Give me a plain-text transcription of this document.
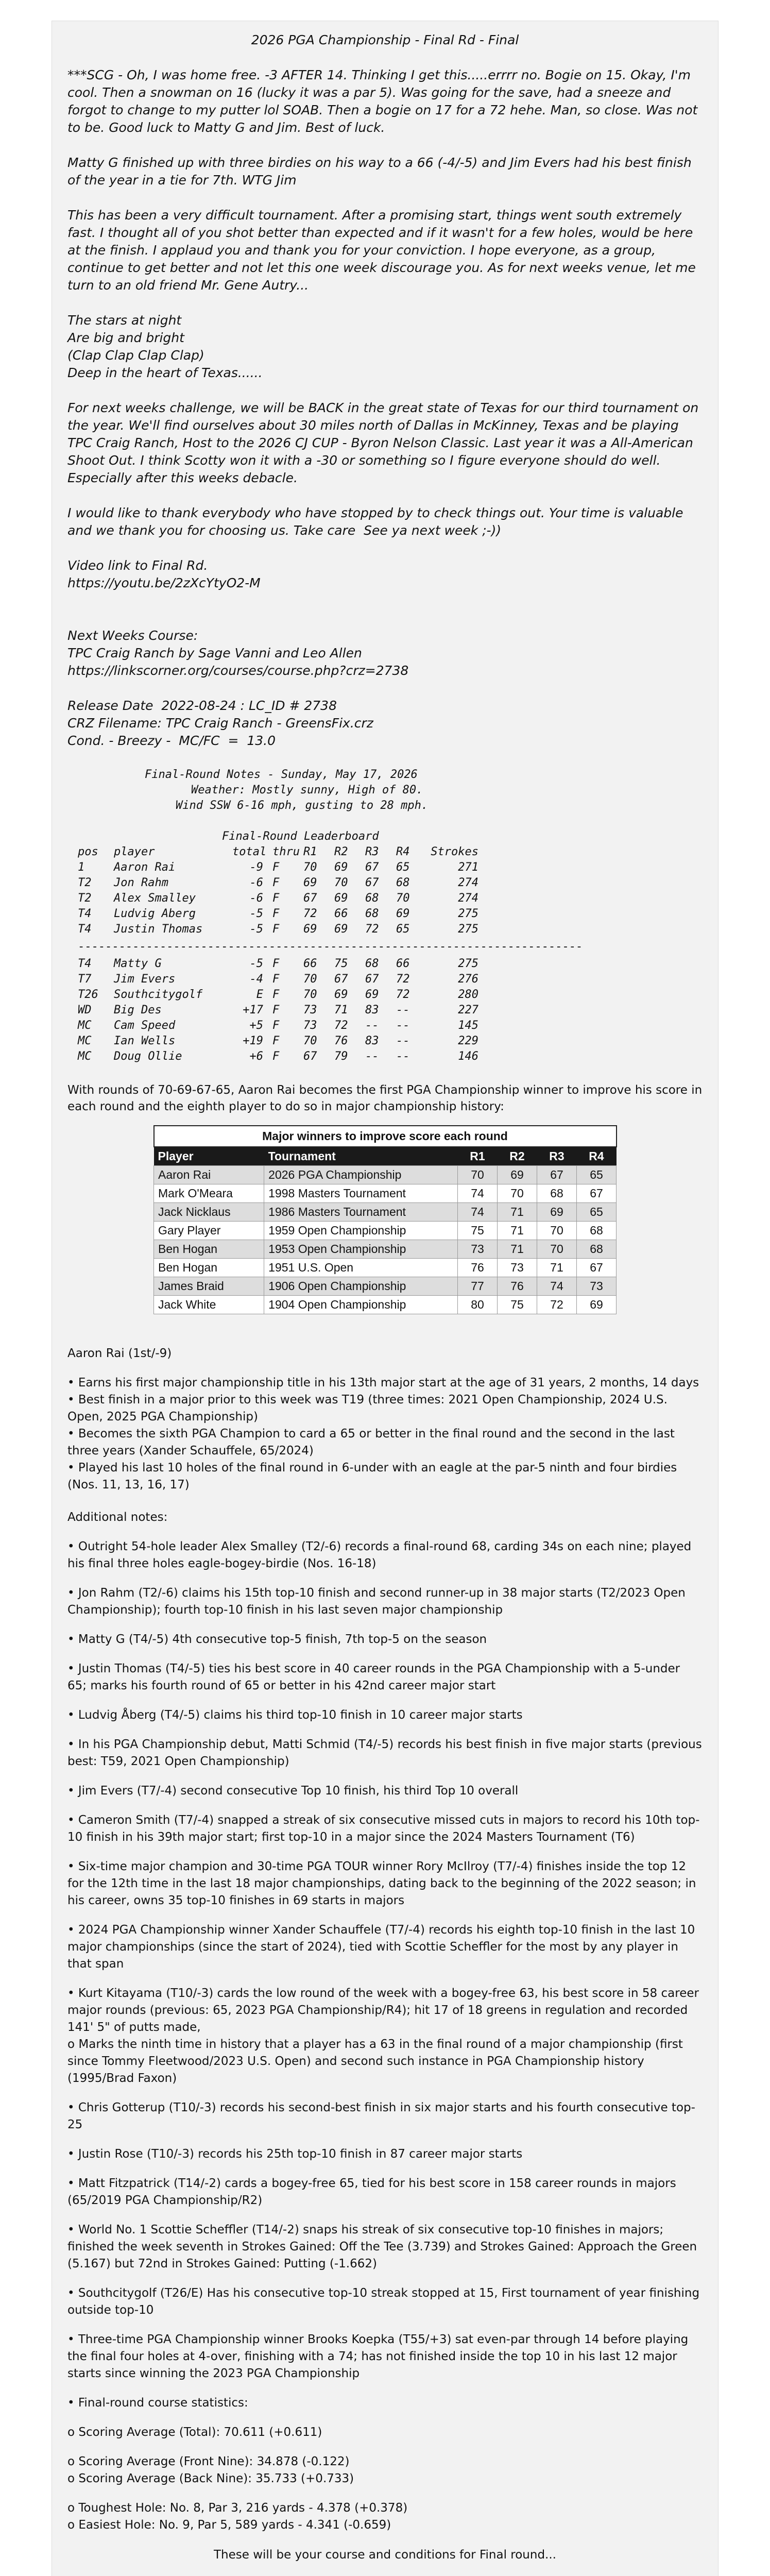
2026 PGA Championship - Final Rd - Final

***SCG - Oh, I was home free. -3 AFTER 14. Thinking I get this.....errrr no. Bogie on 15. Okay, I'm cool. Then a snowman on 16 (lucky it was a par 5). Was going for the save, had a sneeze and forgot to change to my putter lol SOAB. Then a bogie on 17 for a 72 hehe. Man, so close. Was not to be. Good luck to Matty G and Jim. Best of luck.

Matty G finished up with three birdies on his way to a 66 (-4/-5) and Jim Evers had his best finish of the year in a tie for 7th. WTG Jim

This has been a very difficult tournament. After a promising start, things went south extremely fast. I thought all of you shot better than expected and if it wasn't for a few holes, would be here at the finish. I applaud you and thank you for your conviction. I hope everyone, as a group, continue to get better and not let this one week discourage you. As for next weeks venue, let me turn to an old friend Mr. Gene Autry...

The stars at night

Are big and bright

(Clap Clap Clap Clap)

Deep in the heart of Texas......

For next weeks challenge, we will be BACK in the great state of Texas for our third tournament on the year. We'll find ourselves about 30 miles north of Dallas in McKinney, Texas and be playing TPC Craig Ranch, Host to the 2026 CJ CUP - Byron Nelson Classic. Last year it was a All-American Shoot Out. I think Scotty won it with a -30 or something so I figure everyone should do well. Especially after this weeks debacle.

I would like to thank everybody who have stopped by to check things out. Your time is valuable and we thank you for choosing us. Take care  See ya next week ;-))

Video link to Final Rd.

https://youtu.be/2zXcYtyO2-M

Next Weeks Course:

TPC Craig Ranch by Sage Vanni and Leo Allen

https://linkscorner.org/courses/course.php?crz=2738

Release Date  2022-08-24 : LC_ID # 2738

CRZ Filename: TPC Craig Ranch - GreensFix.crz

Cond. - Breezy -  MC/FC  =  13.0

Final-Round Notes - Sunday, May 17, 2026

Weather: Mostly sunny, High of 80.

Wind SSW 6-16 mph, gusting to 28 mph.

Final-Round Leaderboard

pos	player	total thru R1	R2	R3	R4	Strokes
1	Aaron Rai	-9 F	70	69	67	65	271
T2	Jon Rahm	-6 F	69	70	67	68	274
T2	Alex Smalley	-6 F	67	69	68	70	274
T4	Ludvig Aberg	-5 F	72	66	68	69	275
T4	Justin Thomas	-5 F	69	69	72	65	275
--------------------------------------------------------------------------
T4	Matty G	-5 F	66	75	68	66	275
T7	Jim Evers	-4 F	70	67	67	72	276
T26	Southcitygolf	E F	70	69	69	72	280
WD	Big Des	+17 F	73	71	83	--	227
MC	Cam Speed	+5 F	73	72	--	--	145
MC	Ian Wells	+19 F	70	76	83	--	229
MC	Doug Ollie	+6 F	67	79	--	--	146

With rounds of 70-69-67-65, Aaron Rai becomes the first PGA Championship winner to improve his score in each round and the eighth player to do so in major championship history:

Major winners to improve score each round					
Player	Tournament	R1	R2	R3	R4
Aaron Rai	2026 PGA Championship	70	69	67	65
Mark O'Meara	1998 Masters Tournament	74	70	68	67
Jack Nicklaus	1986 Masters Tournament	74	71	69	65
Gary Player	1959 Open Championship	75	71	70	68
Ben Hogan	1953 Open Championship	73	71	70	68
Ben Hogan	1951 U.S. Open	76	73	71	67
James Braid	1906 Open Championship	77	76	74	73
Jack White	1904 Open Championship	80	75	72	69

Aaron Rai (1st/-9)

• Earns his first major championship title in his 13th major start at the age of 31 years, 2 months, 14 days

• Best finish in a major prior to this week was T19 (three times: 2021 Open Championship, 2024 U.S. Open, 2025 PGA Championship)

• Becomes the sixth PGA Champion to card a 65 or better in the final round and the second in the last three years (Xander Schauffele, 65/2024)

• Played his last 10 holes of the final round in 6-under with an eagle at the par-5 ninth and four birdies (Nos. 11, 13, 16, 17)

Additional notes:

• Outright 54-hole leader Alex Smalley (T2/-6) records a final-round 68, carding 34s on each nine; played his final three holes eagle-bogey-birdie (Nos. 16-18)

• Jon Rahm (T2/-6) claims his 15th top-10 finish and second runner-up in 38 major starts (T2/2023 Open Championship); fourth top-10 finish in his last seven major championship

• Matty G (T4/-5) 4th consecutive top-5 finish, 7th top-5 on the season

• Justin Thomas (T4/-5) ties his best score in 40 career rounds in the PGA Championship with a 5-under 65; marks his fourth round of 65 or better in his 42nd career major start

• Ludvig Åberg (T4/-5) claims his third top-10 finish in 10 career major starts

• In his PGA Championship debut, Matti Schmid (T4/-5) records his best finish in five major starts (previous best: T59, 2021 Open Championship)

• Jim Evers (T7/-4) second consecutive Top 10 finish, his third Top 10 overall

• Cameron Smith (T7/-4) snapped a streak of six consecutive missed cuts in majors to record his 10th top-10 finish in his 39th major start; first top-10 in a major since the 2024 Masters Tournament (T6)

• Six-time major champion and 30-time PGA TOUR winner Rory McIlroy (T7/-4) finishes inside the top 12 for the 12th time in the last 18 major championships, dating back to the beginning of the 2022 season; in his career, owns 35 top-10 finishes in 69 starts in majors

• 2024 PGA Championship winner Xander Schauffele (T7/-4) records his eighth top-10 finish in the last 10 major championships (since the start of 2024), tied with Scottie Scheffler for the most by any player in that span

• Kurt Kitayama (T10/-3) cards the low round of the week with a bogey-free 63, his best score in 58 career major rounds (previous: 65, 2023 PGA Championship/R4); hit 17 of 18 greens in regulation and recorded 141' 5" of putts made,
o Marks the ninth time in history that a player has a 63 in the final round of a major championship (first since Tommy Fleetwood/2023 U.S. Open) and second such instance in PGA Championship history (1995/Brad Faxon)

• Chris Gotterup (T10/-3) records his second-best finish in six major starts and his fourth consecutive top-25

• Justin Rose (T10/-3) records his 25th top-10 finish in 87 career major starts

• Matt Fitzpatrick (T14/-2) cards a bogey-free 65, tied for his best score in 158 career rounds in majors (65/2019 PGA Championship/R2)

• World No. 1 Scottie Scheffler (T14/-2) snaps his streak of six consecutive top-10 finishes in majors; finished the week seventh in Strokes Gained: Off the Tee (3.739) and Strokes Gained: Approach the Green (5.167) but 72nd in Strokes Gained: Putting (-1.662)

• Southcitygolf (T26/E) Has his consecutive top-10 streak stopped at 15, First tournament of year finishing outside top-10

• Three-time PGA Championship winner Brooks Koepka (T55/+3) sat even-par through 14 before playing the final four holes at 4-over, finishing with a 74; has not finished inside the top 10 in his last 12 major starts since winning the 2023 PGA Championship

• Final-round course statistics:

o Scoring Average (Total): 70.611 (+0.611)

o Scoring Average (Front Nine): 34.878 (-0.122)

o Scoring Average (Back Nine): 35.733 (+0.733)

o Toughest Hole: No. 8, Par 3, 216 yards - 4.378 (+0.378)

o Easiest Hole: No. 9, Par 5, 589 yards - 4.341 (-0.659)

These will be your course and conditions for Final round...
